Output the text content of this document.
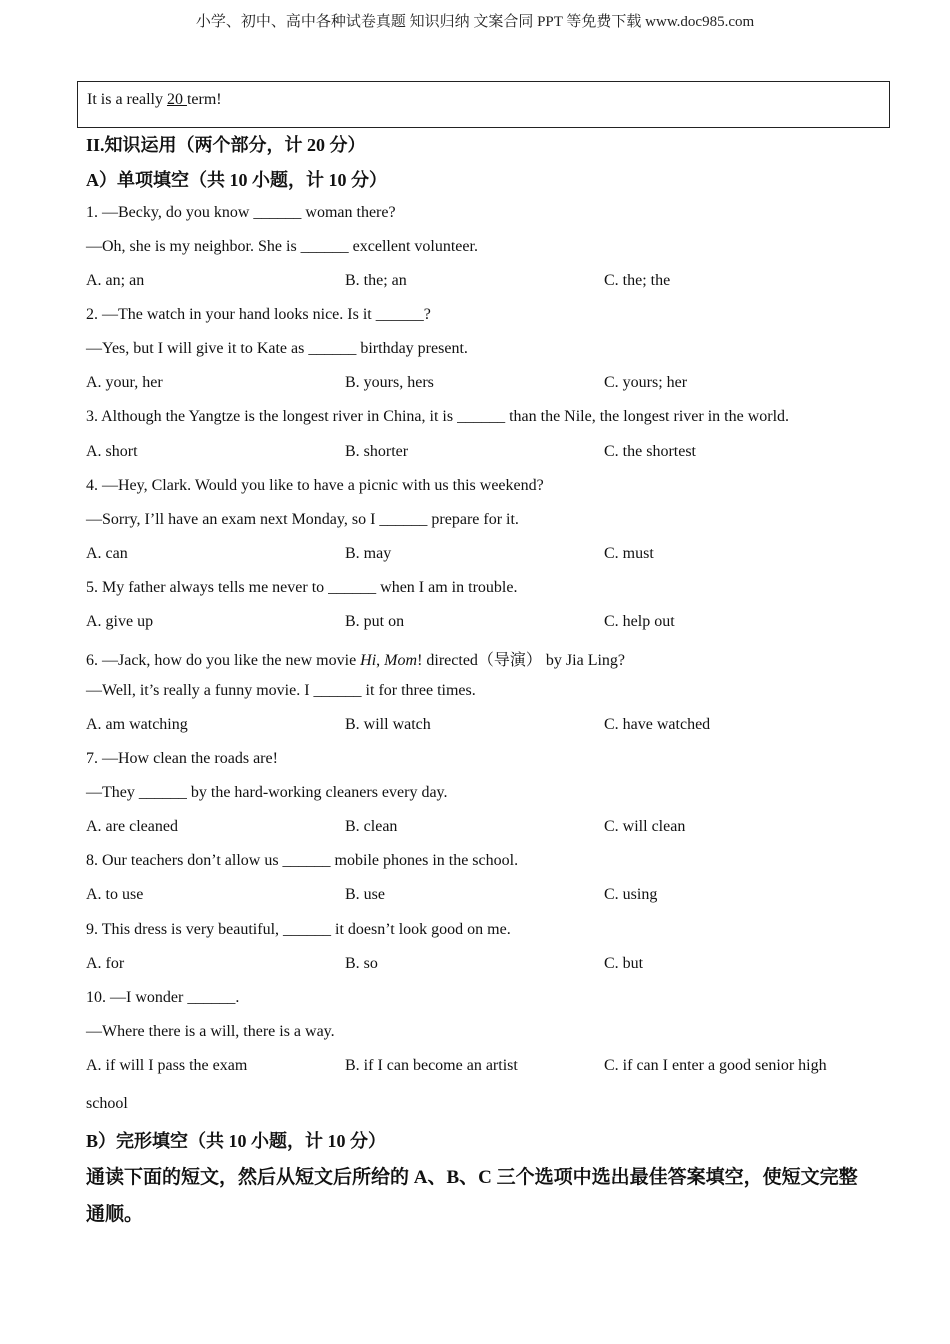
小学、初中、高中各种试卷真题 知识归纳 文案合同 PPT 等免费下载 www.doc985.com
It is a really 20 term!
II.知识运用（两个部分，计 20 分）
A）单项填空（共 10 小题，计 10 分）
1. —Becky, do you know ______ woman there?
—Oh, she is my neighbor. She is ______ excellent volunteer.
A. an; an	B. the; an	C. the; the
2. —The watch in your hand looks nice. Is it ______?
—Yes, but I will give it to Kate as ______ birthday present.
A. your, her	B. yours, hers	C. yours; her
3. Although the Yangtze is the longest river in China, it is ______ than the Nile, the longest river in the world.
A. short	B. shorter	C. the shortest
4. —Hey, Clark. Would you like to have a picnic with us this weekend?
—Sorry, I’ll have an exam next Monday, so I ______ prepare for it.
A. can	B. may	C. must
5. My father always tells me never to ______ when I am in trouble.
A. give up	B. put on	C. help out
6. —Jack, how do you like the new movie Hi, Mom! directed（导演） by Jia Ling?
—Well, it’s really a funny movie. I ______ it for three times.
A. am watching	B. will watch	C. have watched
7. —How clean the roads are!
—They ______ by the hard-working cleaners every day.
A. are cleaned	B. clean	C. will clean
8. Our teachers don’t allow us ______ mobile phones in the school.
A. to use	B. use	C. using
9. This dress is very beautiful, ______ it doesn’t look good on me.
A. for	B. so	C. but
10. —I wonder ______.
—Where there is a will, there is a way.
A. if will I pass the exam	B. if I can become an artist	C. if can I enter a good senior high
school
B）完形填空（共 10 小题，计 10 分）
通读下面的短文，然后从短文后所给的 A、B、C 三个选项中选出最佳答案填空，使短文完整
通顺。
